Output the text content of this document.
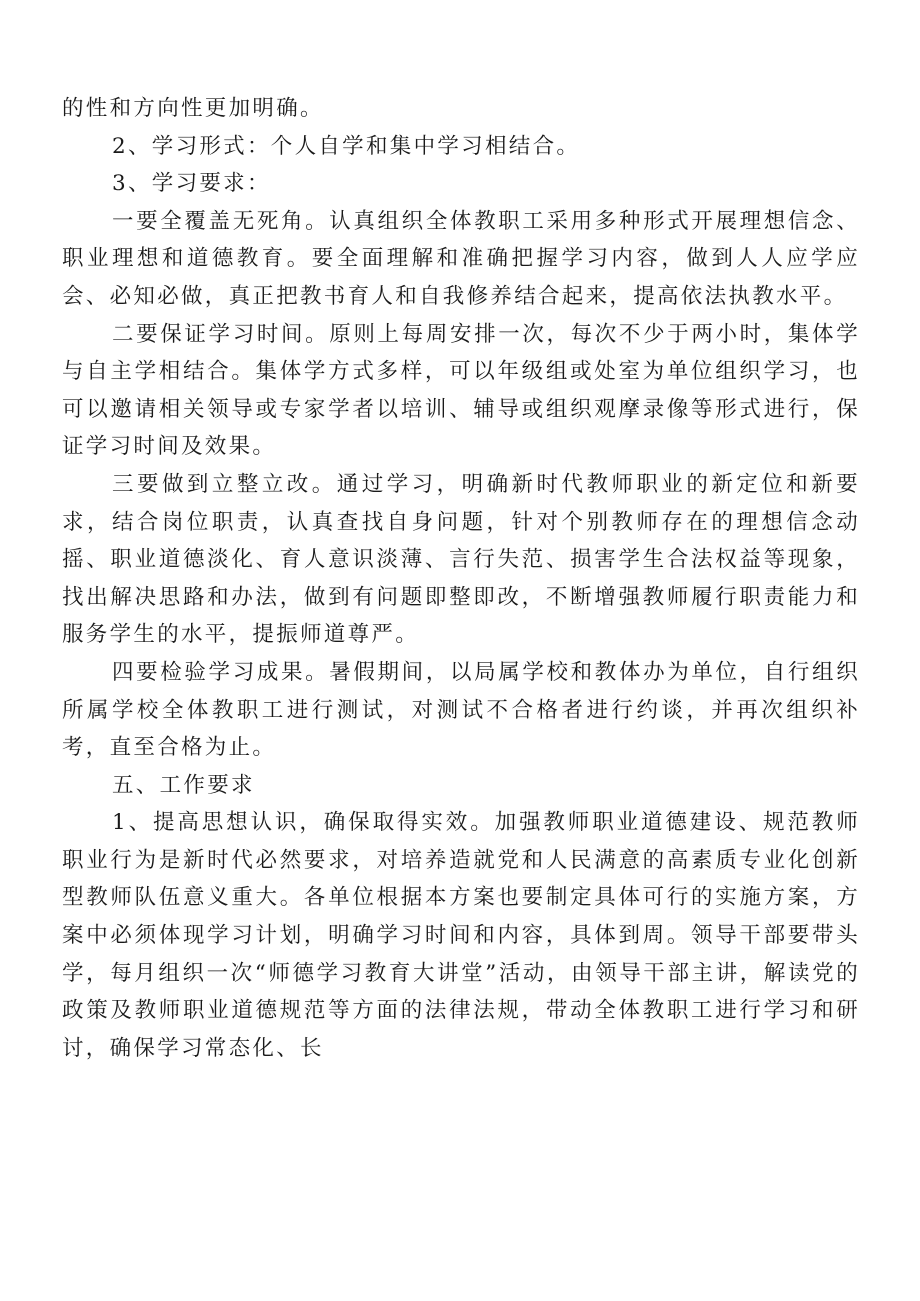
的性和方向性更加明确。

2、学习形式：个人自学和集中学习相结合。

3、学习要求：

一要全覆盖无死角。认真组织全体教职工采用多种形式开展理想信念、职业理想和道德教育。要全面理解和准确把握学习内容，做到人人应学应会、必知必做，真正把教书育人和自我修养结合起来，提高依法执教水平。

二要保证学习时间。原则上每周安排一次，每次不少于两小时，集体学与自主学相结合。集体学方式多样，可以年级组或处室为单位组织学习，也可以邀请相关领导或专家学者以培训、辅导或组织观摩录像等形式进行，保证学习时间及效果。

三要做到立整立改。通过学习，明确新时代教师职业的新定位和新要求，结合岗位职责，认真查找自身问题，针对个别教师存在的理想信念动摇、职业道德淡化、育人意识淡薄、言行失范、损害学生合法权益等现象，找出解决思路和办法，做到有问题即整即改，不断增强教师履行职责能力和服务学生的水平，提振师道尊严。

四要检验学习成果。暑假期间，以局属学校和教体办为单位，自行组织所属学校全体教职工进行测试，对测试不合格者进行约谈，并再次组织补考，直至合格为止。

五、工作要求

1、提高思想认识，确保取得实效。加强教师职业道德建设、规范教师职业行为是新时代必然要求，对培养造就党和人民满意的高素质专业化创新型教师队伍意义重大。各单位根据本方案也要制定具体可行的实施方案，方案中必须体现学习计划，明确学习时间和内容，具体到周。领导干部要带头学，每月组织一次“师德学习教育大讲堂”活动，由领导干部主讲，解读党的政策及教师职业道德规范等方面的法律法规，带动全体教职工进行学习和研讨，确保学习常态化、长
